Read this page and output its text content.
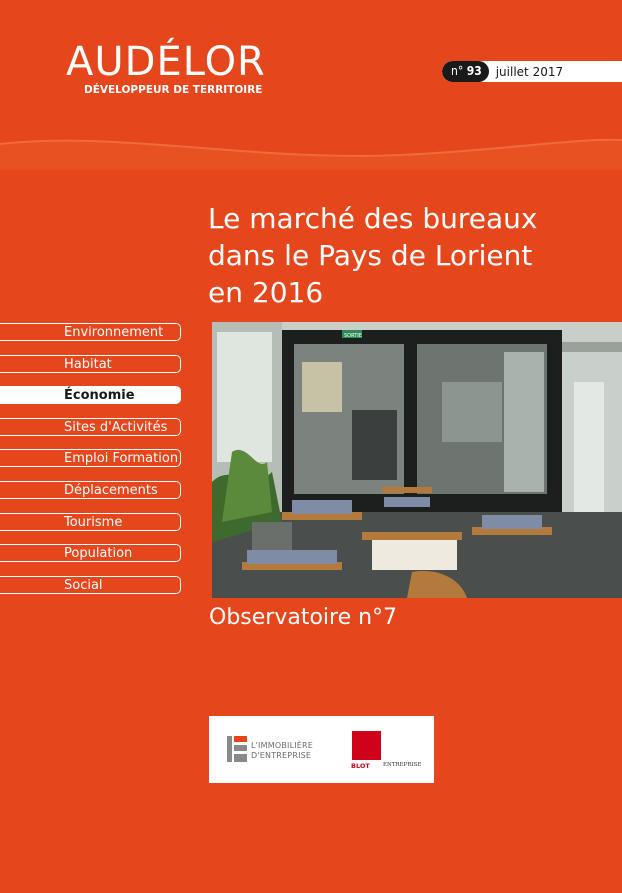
AUDÉLOR
DÉVELOPPEUR DE TERRITOIRE
n° 93	juillet 2017
Le marché des bureaux
dans le Pays de Lorient
en 2016
Environnement
Habitat
Économie
Sites d'Activités
Emploi Formation
Déplacements
Tourisme
Population
Social
SORTIE
Observatoire n°7
L'IMMOBILIÈRE
D'ENTREPRISE
BLOT ENTREPRISE
